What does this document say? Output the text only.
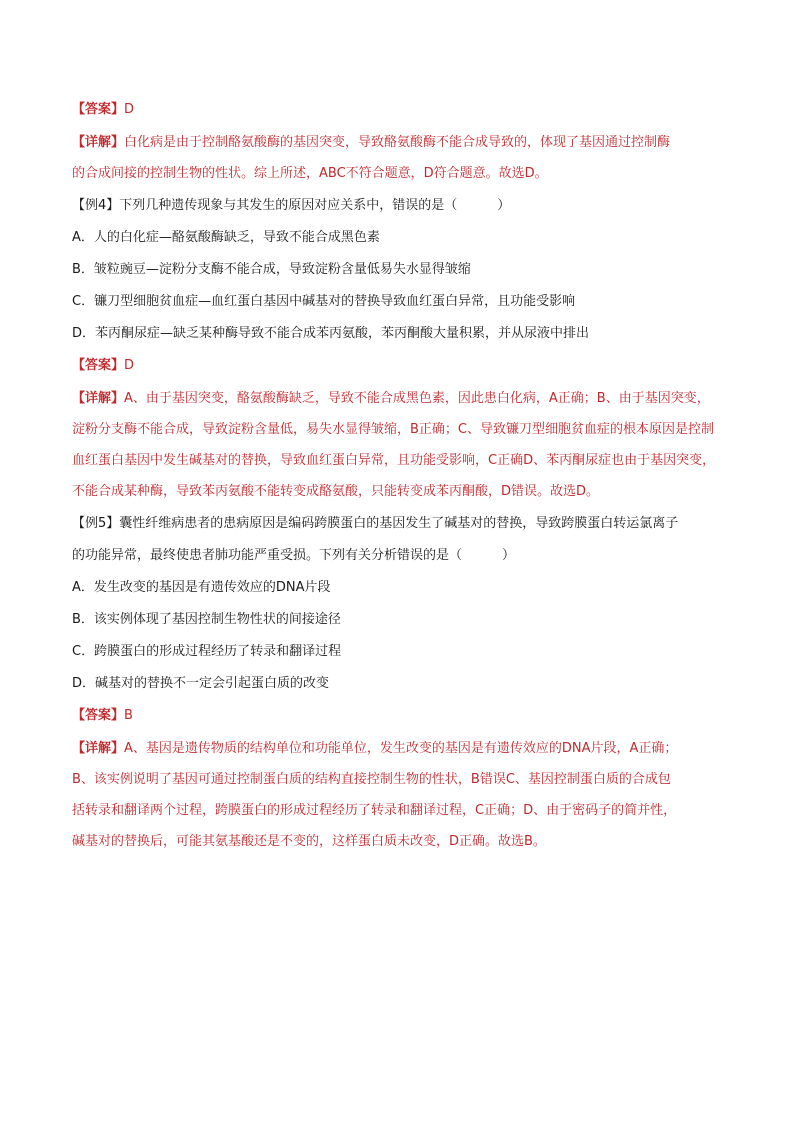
【答案】D
【详解】白化病是由于控制酪氨酸酶的基因突变，导致酪氨酸酶不能合成导致的，体现了基因通过控制酶
的合成间接的控制生物的性状。综上所述，ABC不符合题意，D符合题意。故选D。
【例4】下列几种遗传现象与其发生的原因对应关系中，错误的是（	）
A．人的白化症—酪氨酸酶缺乏，导致不能合成黑色素
B．皱粒豌豆—淀粉分支酶不能合成，导致淀粉含量低易失水显得皱缩
C．镰刀型细胞贫血症—血红蛋白基因中碱基对的替换导致血红蛋白异常，且功能受影响
D．苯丙酮尿症—缺乏某种酶导致不能合成苯丙氨酸，苯丙酮酸大量积累，并从尿液中排出
【答案】D
【详解】A、由于基因突变，酪氨酸酶缺乏，导致不能合成黑色素，因此患白化病，A正确；B、由于基因突变，
淀粉分支酶不能合成，导致淀粉含量低，易失水显得皱缩，B正确；C、导致镰刀型细胞贫血症的根本原因是控制
血红蛋白基因中发生碱基对的替换，导致血红蛋白异常，且功能受影响，C正确D、苯丙酮尿症也由于基因突变，
不能合成某种酶，导致苯丙氨酸不能转变成酪氨酸，只能转变成苯丙酮酸，D错误。故选D。
【例5】囊性纤维病患者的患病原因是编码跨膜蛋白的基因发生了碱基对的替换，导致跨膜蛋白转运氯离子
的功能异常，最终使患者肺功能严重受损。下列有关分析错误的是（	）
A．发生改变的基因是有遗传效应的DNA片段
B．该实例体现了基因控制生物性状的间接途径
C．跨膜蛋白的形成过程经历了转录和翻译过程
D．碱基对的替换不一定会引起蛋白质的改变
【答案】B
【详解】A、基因是遗传物质的结构单位和功能单位，发生改变的基因是有遗传效应的DNA片段，A正确；
B、该实例说明了基因可通过控制蛋白质的结构直接控制生物的性状，B错误C、基因控制蛋白质的合成包
括转录和翻译两个过程，跨膜蛋白的形成过程经历了转录和翻译过程，C正确；D、由于密码子的简并性，
碱基对的替换后，可能其氨基酸还是不变的，这样蛋白质未改变，D正确。故选B。
